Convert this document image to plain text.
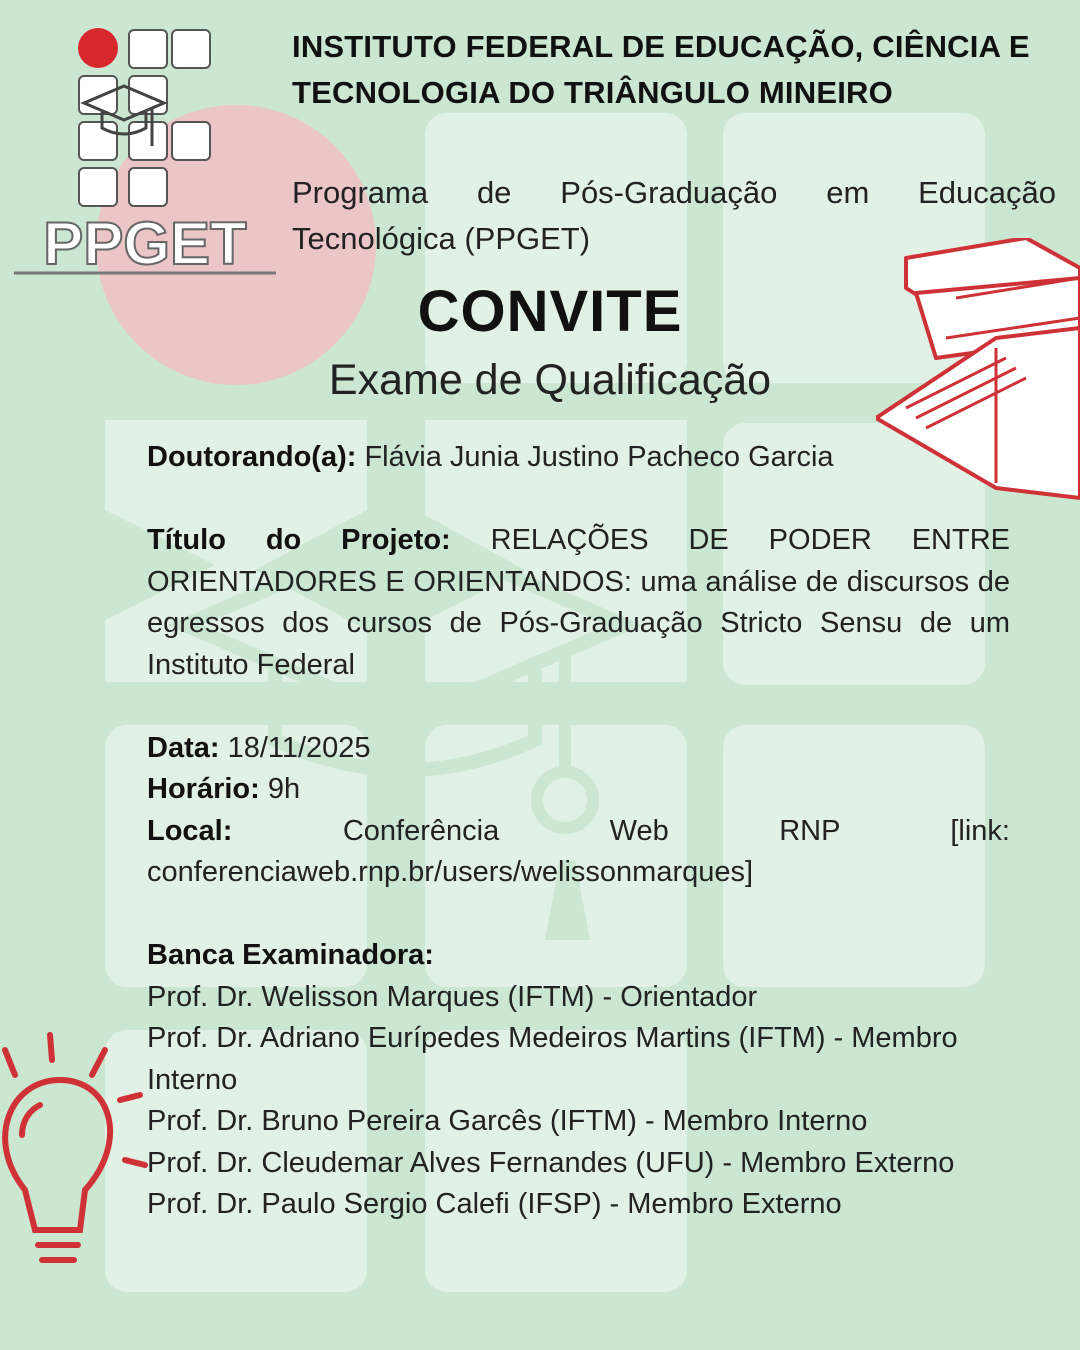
PPGET
INSTITUTO FEDERAL DE EDUCAÇÃO, CIÊNCIA E TECNOLOGIA DO TRIÂNGULO MINEIRO
Programa de Pós-Graduação em Educação Tecnológica (PPGET)
CONVITE
Exame de Qualificação

Doutorando(a): Flávia Junia Justino Pacheco Garcia

Título do Projeto: RELAÇÕES DE PODER ENTRE ORIENTADORES E ORIENTANDOS: uma análise de discursos de egressos dos cursos de Pós-Graduação Stricto Sensu de um Instituto Federal

Data: 18/11/2025

Horário: 9h

Local: Conferência Web RNP [link: conferenciaweb.rnp.br/users/welissonmarques]

Banca Examinadora:

Prof. Dr. Welisson Marques (IFTM) - Orientador

Prof. Dr. Adriano Eurípedes Medeiros Martins (IFTM) - Membro Interno

Prof. Dr. Bruno Pereira Garcês (IFTM) - Membro Interno

Prof. Dr. Cleudemar Alves Fernandes (UFU) - Membro Externo

Prof. Dr. Paulo Sergio Calefi (IFSP) - Membro Externo
